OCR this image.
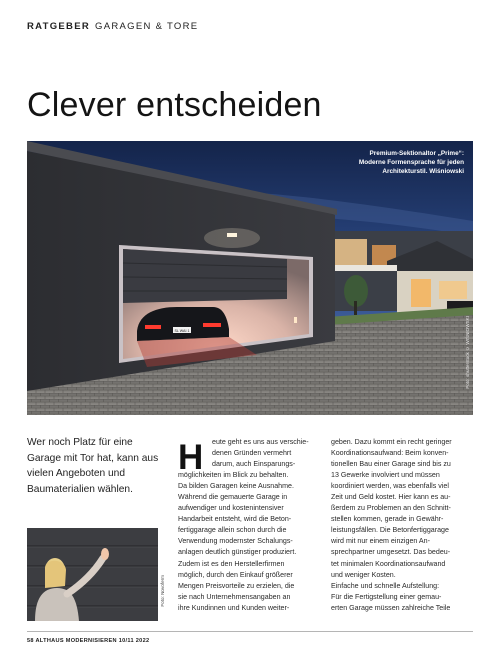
RATGEBER GARAGEN & TORE
Clever entscheiden
SL WAI 1
Premium-Sektionaltor „Prime“:
Moderne Formensprache für jeden
Architekturstil. Wiśniowski
Foto: shutterstock © WIŚNIOWSKI

Wer noch Platz für eine Garage mit Tor hat, kann aus vielen Angeboten und Baumaterialien wählen.

Foto: Novoferm
H	eute geht es uns aus verschie-
denen Gründen vermehrt
darum, auch Einsparungs-
möglichkeiten im Blick zu behalten.
Da bilden Garagen keine Ausnahme.
Während die gemauerte Garage in
aufwendiger und kostenintensiver
Handarbeit entsteht, wird die Beton-
fertiggarage allein schon durch die
Verwendung modernster Schalungs-
anlagen deutlich günstiger produziert.
Zudem ist es den Herstellerfirmen
möglich, durch den Einkauf größerer
Mengen Preisvorteile zu erzielen, die
sie nach Unternehmensangaben an
ihre Kundinnen und Kunden weiter-
geben. Dazu kommt ein recht geringer
Koordinationsaufwand: Beim konven-
tionellen Bau einer Garage sind bis zu
13 Gewerke involviert und müssen
koordiniert werden, was ebenfalls viel
Zeit und Geld kostet. Hier kann es au-
ßerdem zu Problemen an den Schnitt-
stellen kommen, gerade in Gewähr-
leistungsfällen. Die Betonfertiggarage
wird mit nur einem einzigen An-
sprechpartner umgesetzt. Das bedeu-
tet minimalen Koordinationsaufwand
und weniger Kosten.
Einfache und schnelle Aufstellung:
Für die Fertigstellung einer gemau-
erten Garage müssen zahlreiche Teile
58 ALTHAUS MODERNISIEREN 10/11 2022
